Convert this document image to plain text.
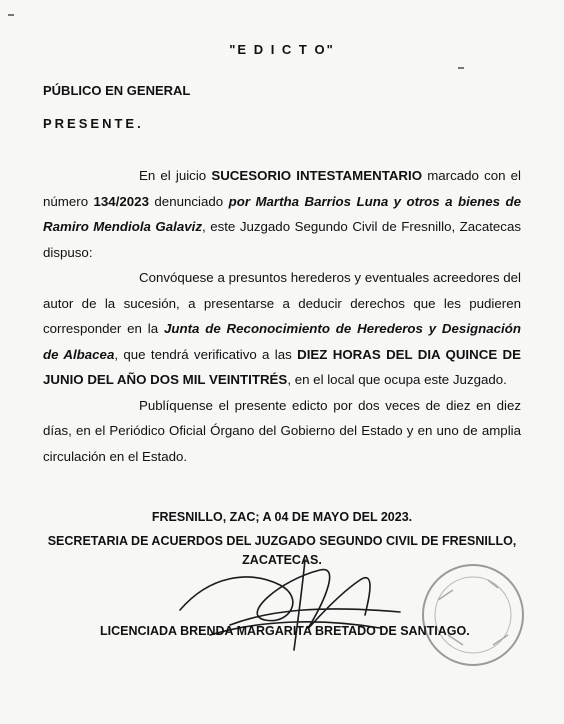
"E D I C T O"
PÚBLICO EN GENERAL
PRESENTE.

En el juicio SUCESORIO INTESTAMENTARIO marcado con el número 134/2023 denunciado por Martha Barrios Luna y otros a bienes de Ramiro Mendiola Galaviz, este Juzgado Segundo Civil de Fresnillo, Zacatecas dispuso:

Convóquese a presuntos herederos y eventuales acreedores del autor de la sucesión, a presentarse a deducir derechos que les pudieren corresponder en la Junta de Reconocimiento de Herederos y Designación de Albacea, que tendrá verificativo a las DIEZ HORAS DEL DIA QUINCE DE JUNIO DEL AÑO DOS MIL VEINTITRÉS, en el local que ocupa este Juzgado.

Publíquense el presente edicto por dos veces de diez en diez días, en el Periódico Oficial Órgano del Gobierno del Estado y en uno de amplia circulación en el Estado.

FRESNILLO, ZAC; A 04 DE MAYO DEL 2023.
SECRETARIA DE ACUERDOS DEL JUZGADO SEGUNDO CIVIL DE FRESNILLO,
ZACATECAS.
LICENCIADA BRENDA MARGARITA BRETADO DE SANTIAGO.
